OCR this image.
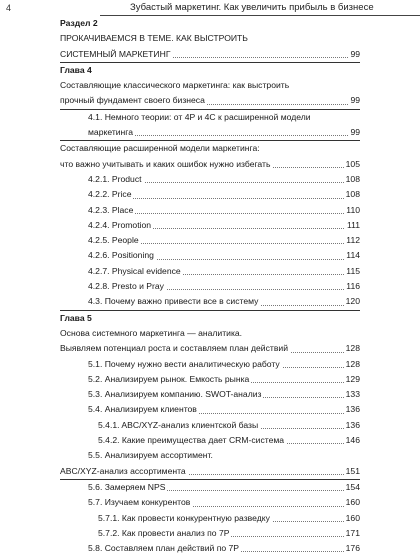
4	Зубастый маркетинг. Как увеличить прибыль в бизнесе
Раздел 2
ПРОКАЧИВАЕМСЯ В ТЕМЕ. КАК ВЫСТРОИТЬ
СИСТЕМНЫЙ МАРКЕТИНГ	99
Глава 4
Составляющие классического маркетинга: как выстроить
прочный фундамент своего бизнеса	99
4.1. Немного теории: от 4P и 4C к расширенной модели
маркетинга	99
Составляющие расширенной модели маркетинга:
что важно учитывать и каких ошибок нужно избегать	105
4.2.1. Product	108
4.2.2. Price	108
4.2.3. Place	110
4.2.4. Promotion	111
4.2.5. People	112
4.2.6. Positioning	114
4.2.7. Physical evidence	115
4.2.8. Presto и Pray	116
4.3. Почему важно привести все в систему	120
Глава 5
Основа системного маркетинга — аналитика.
Выявляем потенциал роста и составляем план действий	128
5.1. Почему нужно вести аналитическую работу	128
5.2. Анализируем рынок. Емкость рынка	129
5.3. Анализируем компанию. SWOT-анализ	133
5.4. Анализируем клиентов	136
5.4.1. ABC/XYZ-анализ клиентской базы	136
5.4.2. Какие преимущества дает CRM-система	146
5.5. Анализируем ассортимент.
ABC/XYZ-анализ ассортимента	151
5.6. Замеряем NPS	154
5.7. Изучаем конкурентов	160
5.7.1. Как провести конкурентную разведку	160
5.7.2. Как провести анализ по 7P	171
5.8. Составляем план действий по 7P	176
